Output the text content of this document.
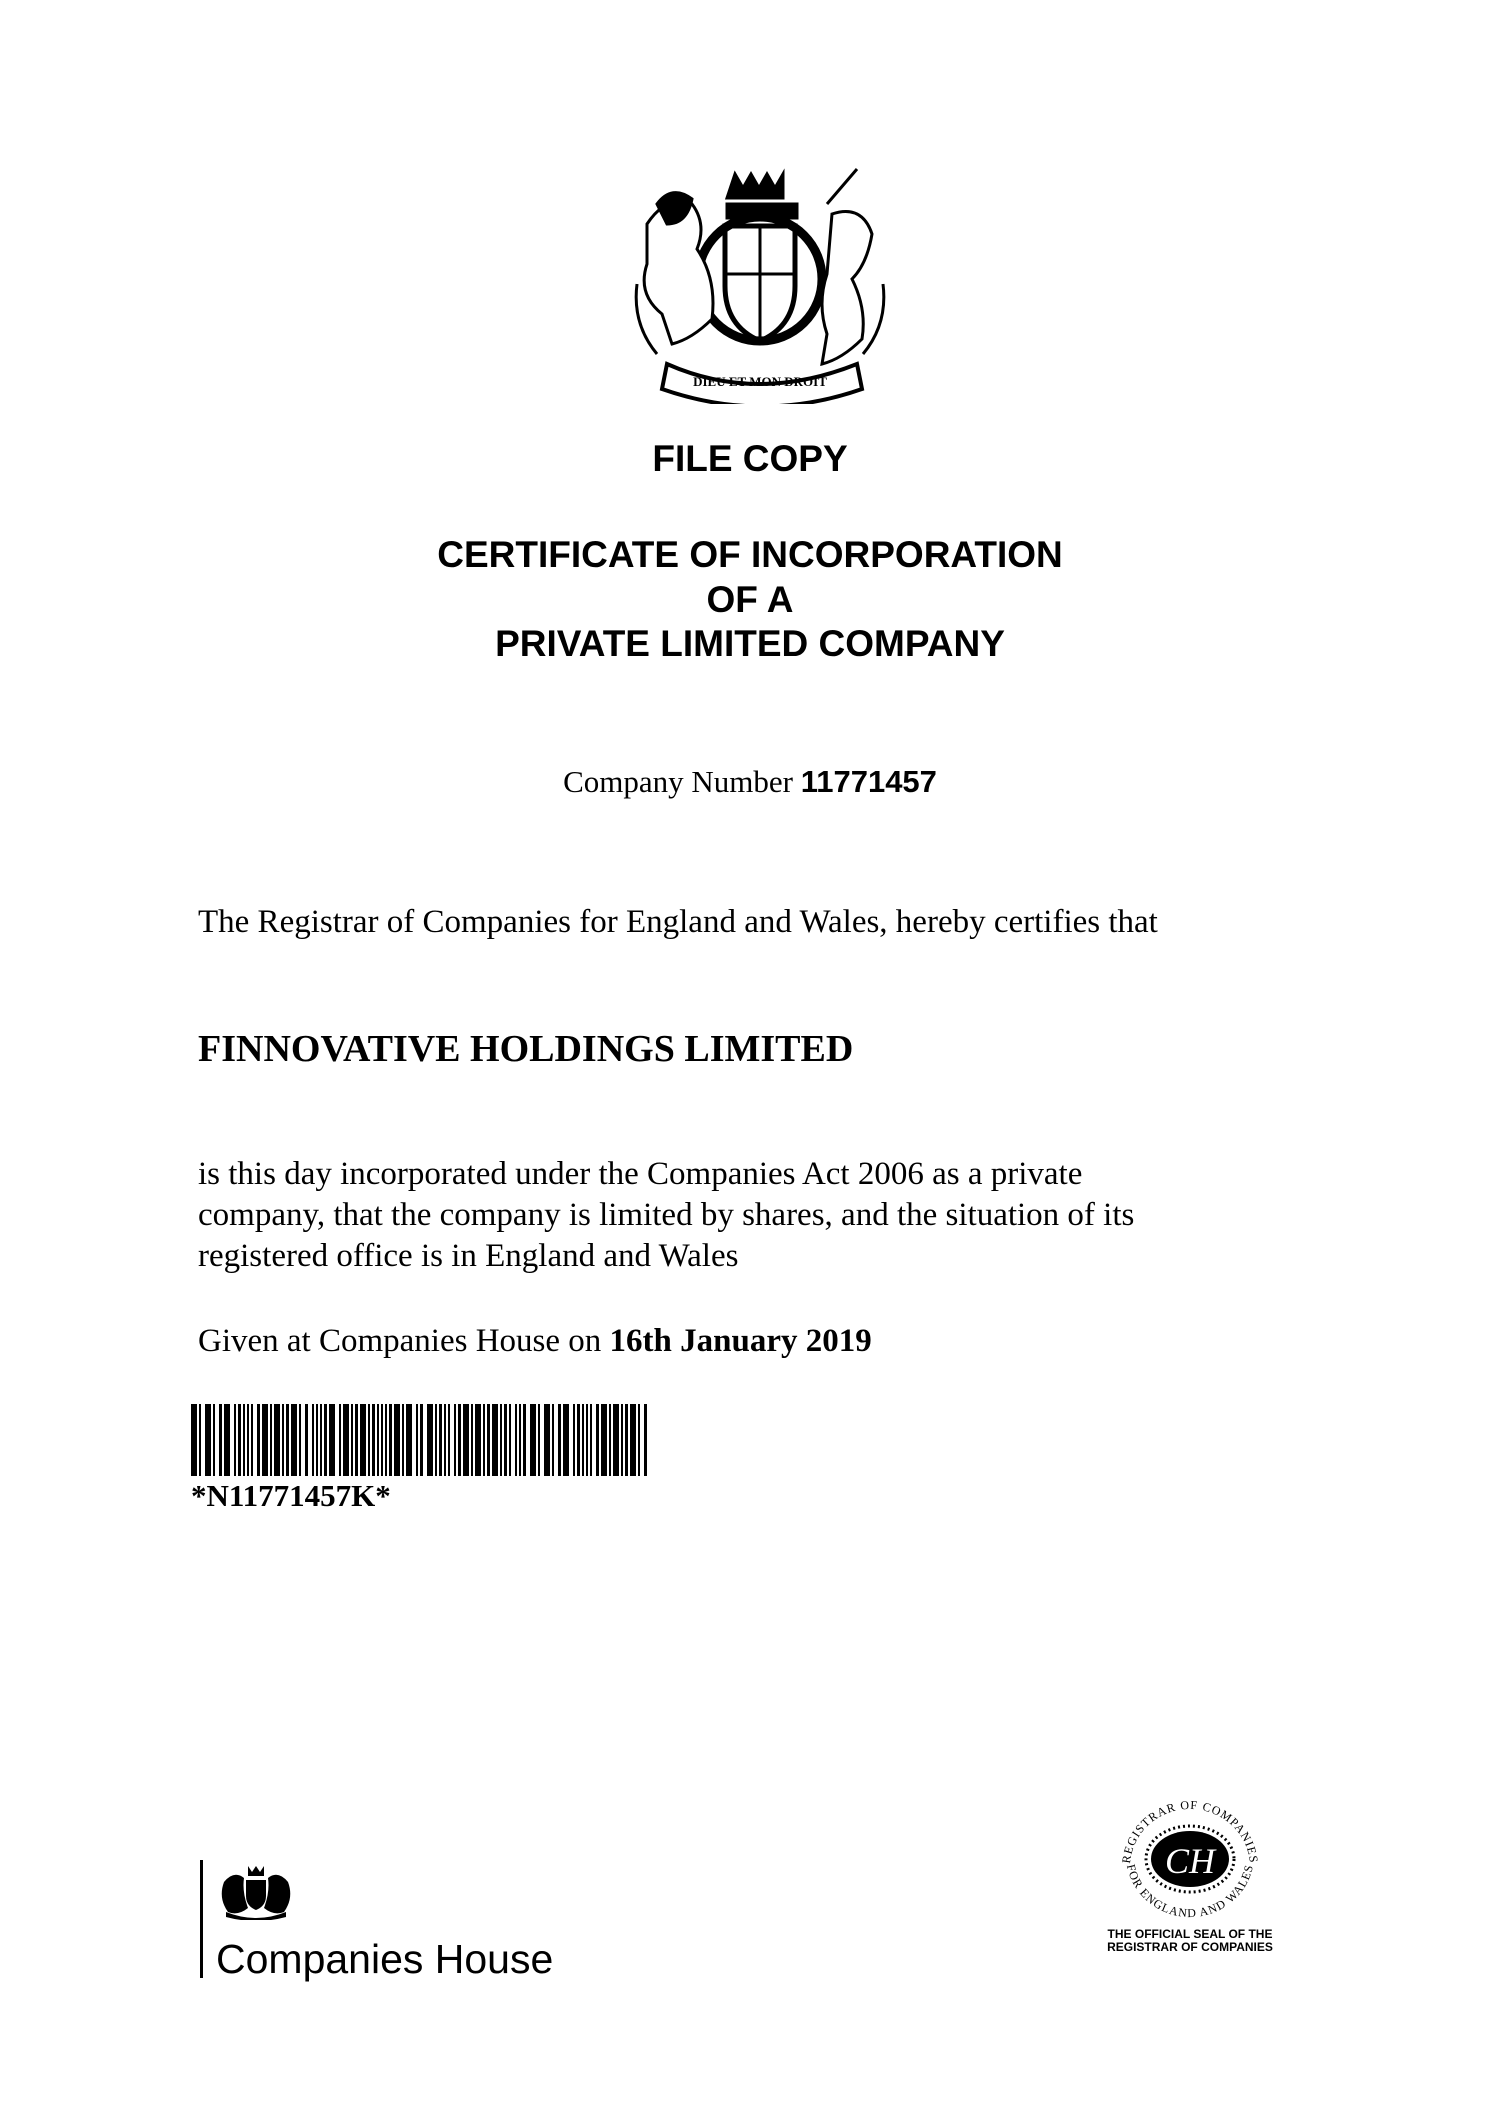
DIEU ET MON DROIT
FILE COPY
CERTIFICATE OF INCORPORATION
OF A
PRIVATE LIMITED COMPANY
Company Number 11771457
The Registrar of Companies for England and Wales, hereby certifies that
FINNOVATIVE HOLDINGS LIMITED
is this day incorporated under the Companies Act 2006 as a private
company, that the company is limited by shares, and the situation of its
registered office is in England and Wales
Given at Companies House on 16th January 2019
*N11771457K*
Companies House
REGISTRAR OF COMPANIES
FOR ENGLAND AND WALES
CH
THE OFFICIAL SEAL OF THE
REGISTRAR OF COMPANIES
